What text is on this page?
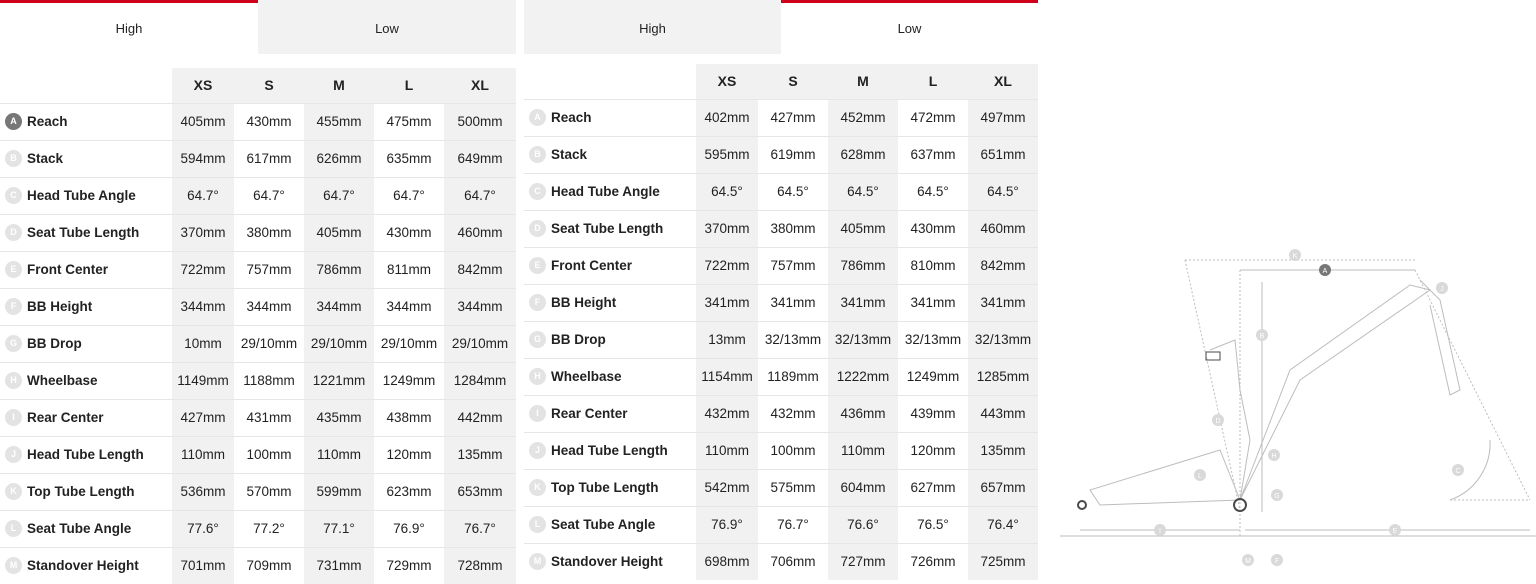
High	Low
	XS	S	M	L	XL
A Reach	405mm	430mm	455mm	475mm	500mm
B Stack	594mm	617mm	626mm	635mm	649mm
C Head Tube Angle	64.7°	64.7°	64.7°	64.7°	64.7°
D Seat Tube Length	370mm	380mm	405mm	430mm	460mm
E Front Center	722mm	757mm	786mm	811mm	842mm
F BB Height	344mm	344mm	344mm	344mm	344mm
G BB Drop	10mm	29/10mm	29/10mm	29/10mm	29/10mm
H Wheelbase	1149mm	1188mm	1221mm	1249mm	1284mm
I Rear Center	427mm	431mm	435mm	438mm	442mm
J Head Tube Length	110mm	100mm	110mm	120mm	135mm
K Top Tube Length	536mm	570mm	599mm	623mm	653mm
L Seat Tube Angle	77.6°	77.2°	77.1°	76.9°	76.7°
M Standover Height	701mm	709mm	731mm	729mm	728mm
High	Low
	XS	S	M	L	XL
A Reach	402mm	427mm	452mm	472mm	497mm
B Stack	595mm	619mm	628mm	637mm	651mm
C Head Tube Angle	64.5°	64.5°	64.5°	64.5°	64.5°
D Seat Tube Length	370mm	380mm	405mm	430mm	460mm
E Front Center	722mm	757mm	786mm	810mm	842mm
F BB Height	341mm	341mm	341mm	341mm	341mm
G BB Drop	13mm	32/13mm	32/13mm	32/13mm	32/13mm
H Wheelbase	1154mm	1189mm	1222mm	1249mm	1285mm
I Rear Center	432mm	432mm	436mm	439mm	443mm
J Head Tube Length	110mm	100mm	110mm	120mm	135mm
K Top Tube Length	542mm	575mm	604mm	627mm	657mm
L Seat Tube Angle	76.9°	76.7°	76.6°	76.5°	76.4°
M Standover Height	698mm	706mm	727mm	726mm	725mm
A
B
C
D
E
F
G
H
I
J
K
L
M
